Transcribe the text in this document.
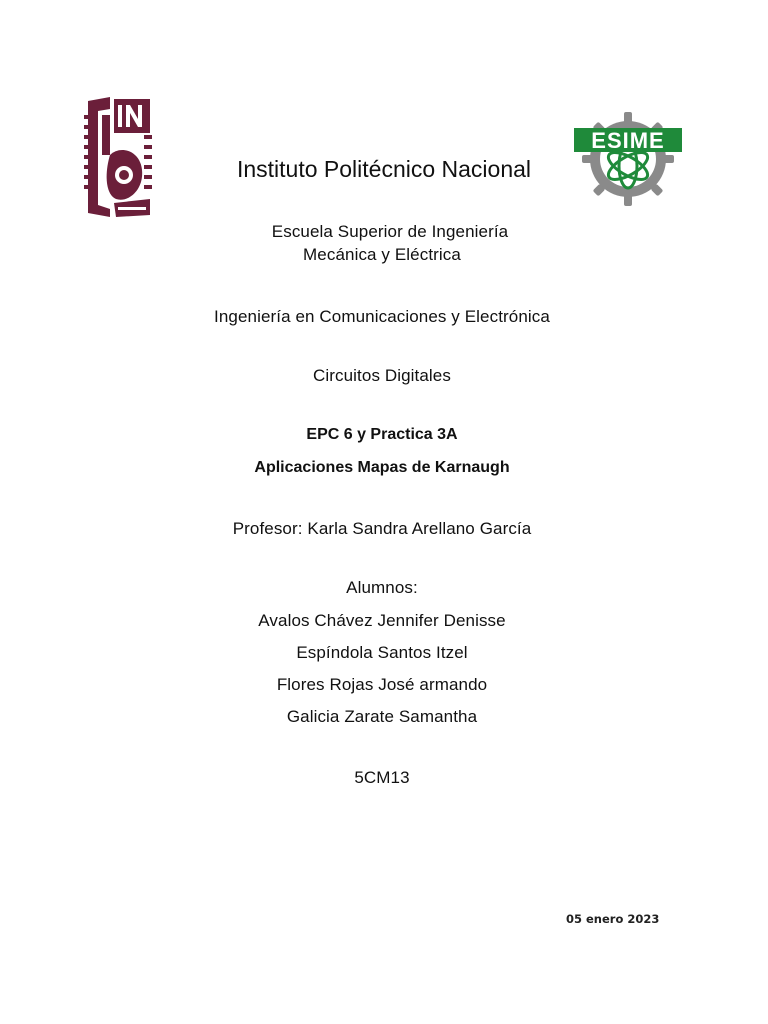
IPN
ESIME
Instituto Politécnico Nacional
Escuela Superior de Ingeniería
Mecánica y Eléctrica
Ingeniería en Comunicaciones y Electrónica
Circuitos Digitales
EPC 6 y Practica 3A
Aplicaciones Mapas de Karnaugh
Profesor: Karla Sandra Arellano García
Alumnos:
Avalos Chávez Jennifer Denisse
Espíndola Santos Itzel
Flores Rojas José armando
Galicia Zarate Samantha
5CM13
05 enero 2023
